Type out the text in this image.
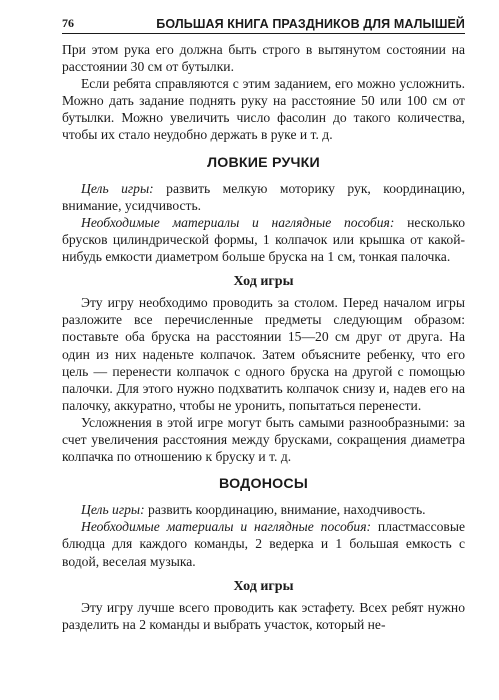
76	БОЛЬШАЯ КНИГА ПРАЗДНИКОВ ДЛЯ МАЛЫШЕЙ

При этом рука его должна быть строго в вытянутом состоянии на расстоянии 30 см от бутылки.

Если ребята справляются с этим заданием, его можно усложнить. Можно дать задание поднять руку на расстояние 50 или 100 см от бутылки. Можно увеличить число фасолин до такого количества, чтобы их стало неудобно держать в руке и т. д.

ЛОВКИЕ РУЧКИ

Цель игры: развить мелкую моторику рук, координацию, внимание, усидчивость.

Необходимые материалы и наглядные пособия: несколько брусков цилиндрической формы, 1 колпачок или крышка от какой-нибудь емкости диаметром больше бруска на 1 см, тонкая палочка.

Ход игры

Эту игру необходимо проводить за столом. Перед началом игры разложите все перечисленные предметы следующим образом: поставьте оба бруска на расстоянии 15—20 см друг от друга. На один из них наденьте колпачок. Затем объясните ребенку, что его цель — перенести колпачок с одного бруска на другой с помощью палочки. Для этого нужно подхватить колпачок снизу и, надев его на палочку, аккуратно, чтобы не уронить, попытаться перенести.

Усложнения в этой игре могут быть самыми разнообразными: за счет увеличения расстояния между брусками, сокращения диаметра колпачка по отношению к бруску и т. д.

ВОДОНОСЫ

Цель игры: развить координацию, внимание, находчивость.

Необходимые материалы и наглядные пособия: пластмассовые блюдца для каждого команды, 2 ведерка и 1 большая емкость с водой, веселая музыка.

Ход игры

Эту игру лучше всего проводить как эстафету. Всех ребят нужно разделить на 2 команды и выбрать участок, который не-
